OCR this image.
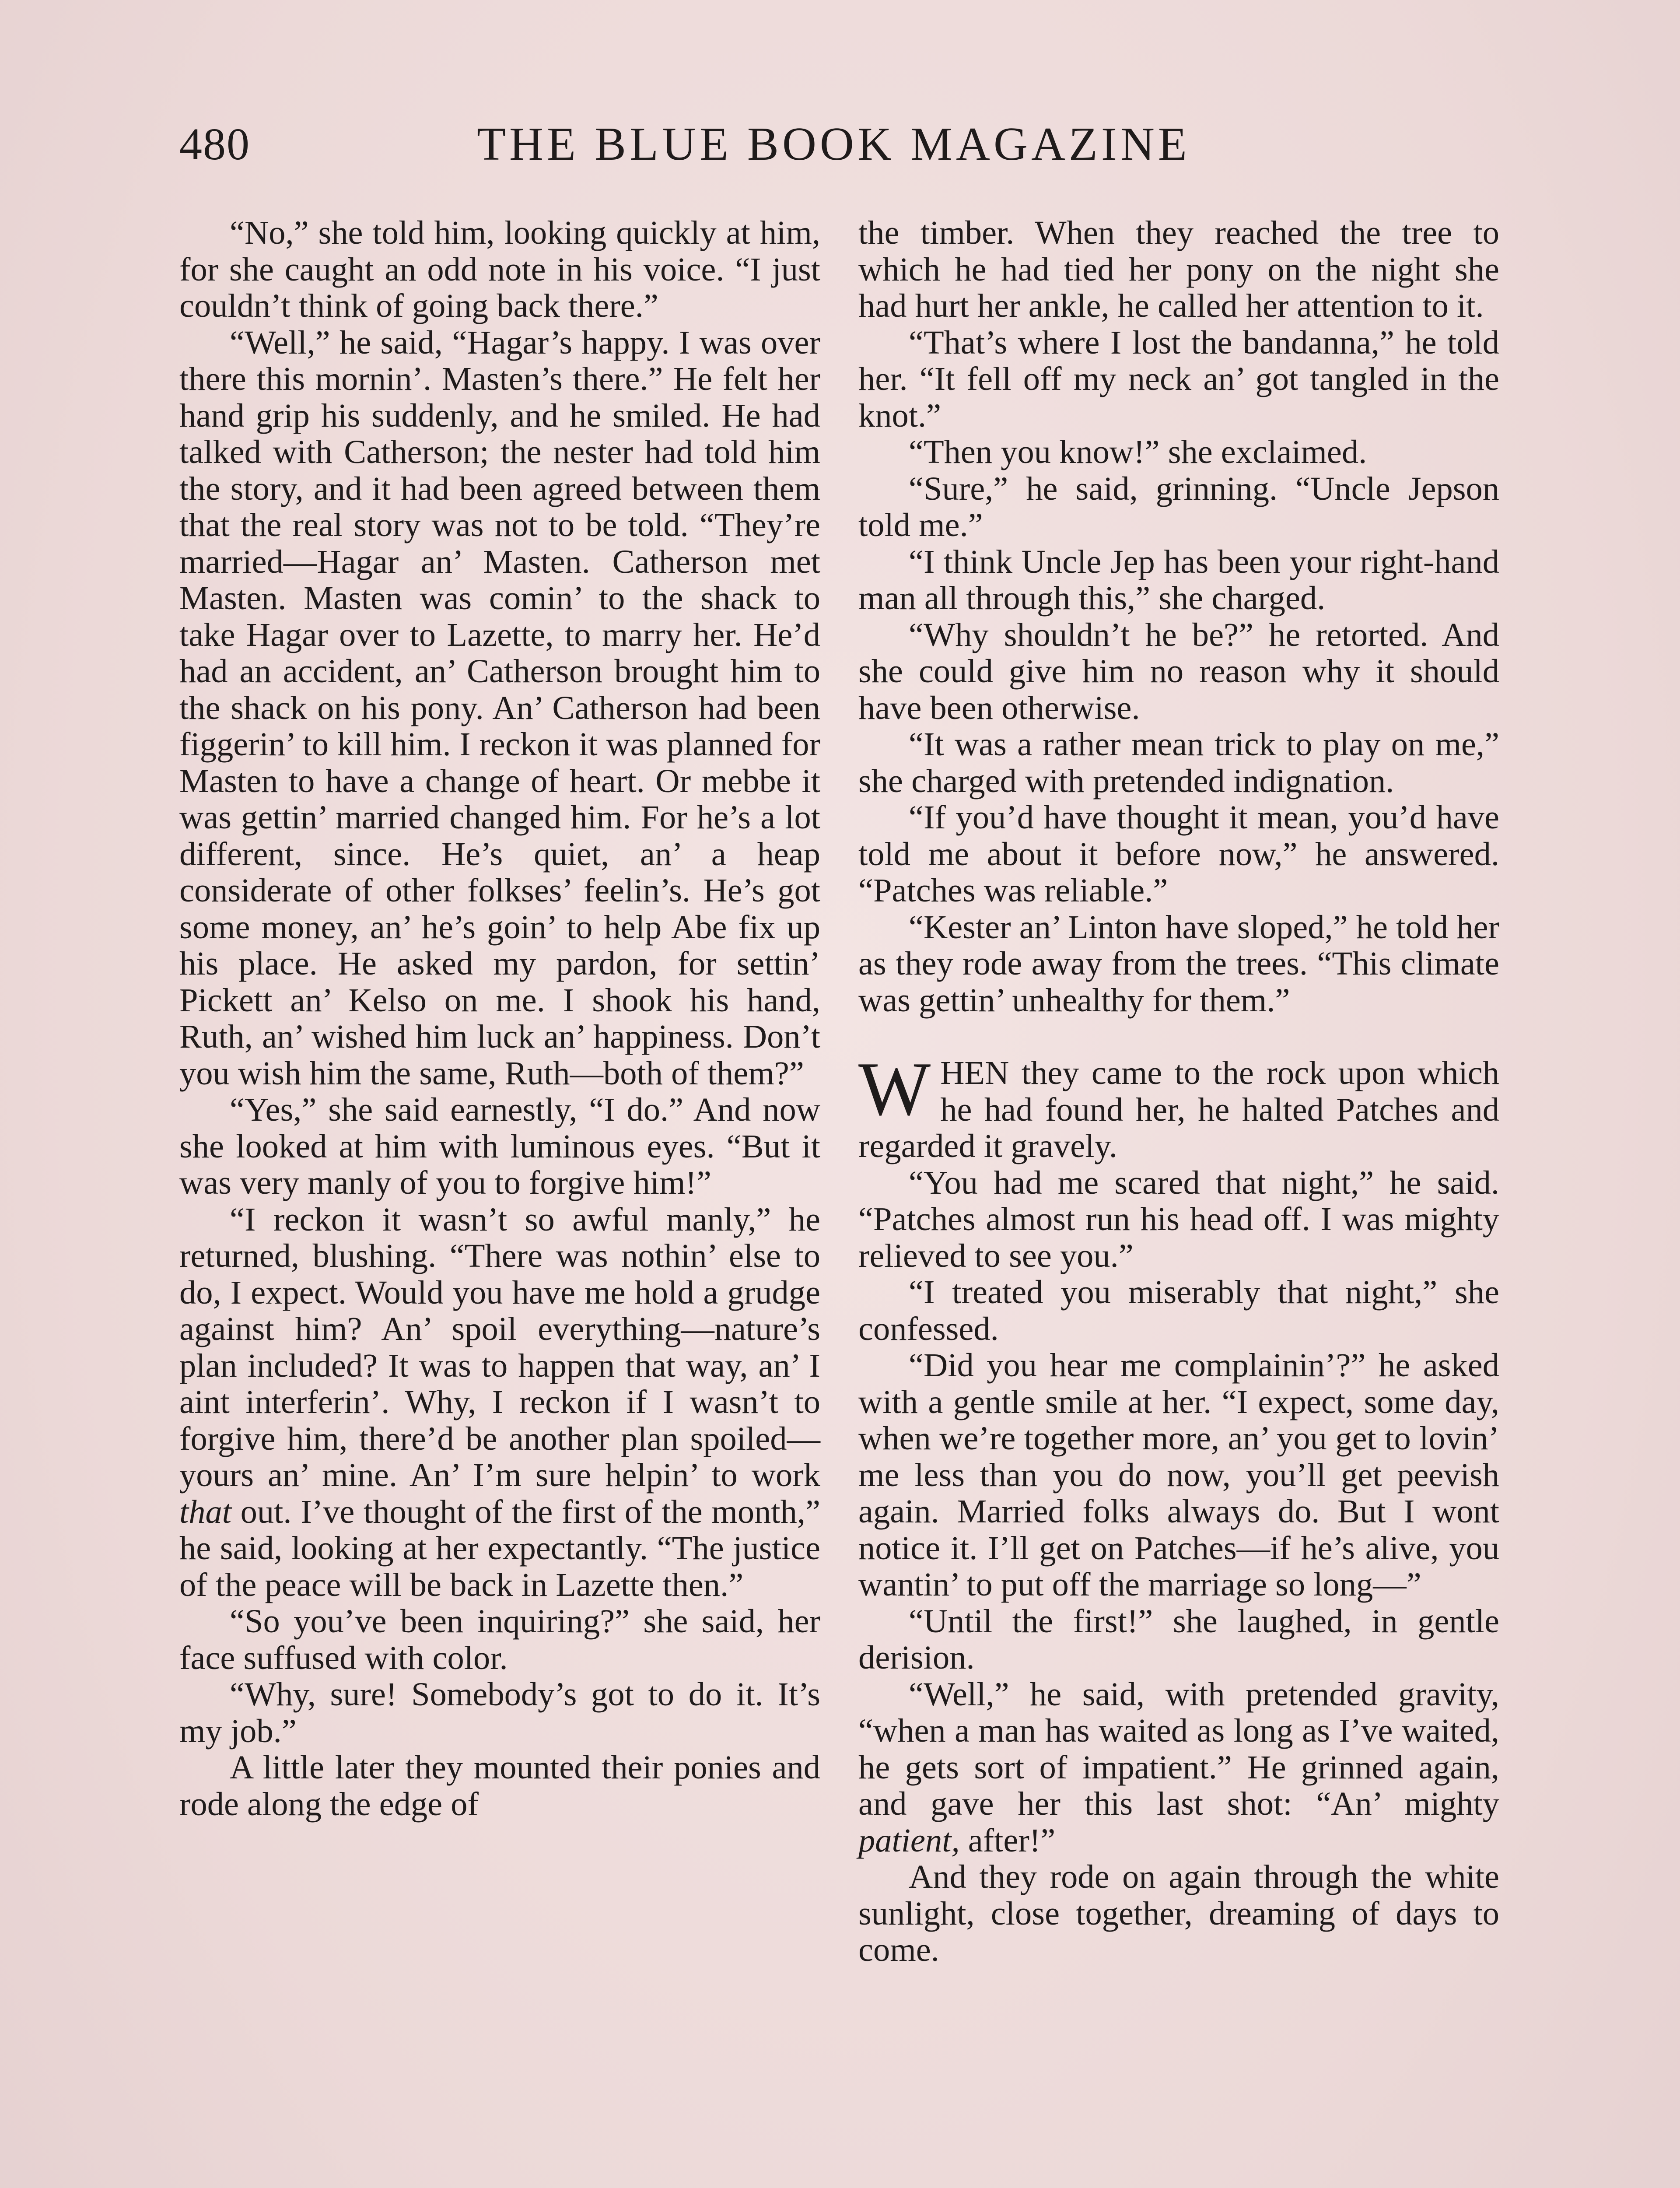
480	THE BLUE BOOK MAGAZINE

“No,” she told him, looking quickly at him, for she caught an odd note in his voice. “I just couldn’t think of going back there.”

“Well,” he said, “Hagar’s happy. I was over there this mornin’. Masten’s there.” He felt her hand grip his suddenly, and he smiled. He had talked with Catherson; the nester had told him the story, and it had been agreed between them that the real story was not to be told. “They’re married—Hagar an’ Masten. Catherson met Masten. Masten was comin’ to the shack to take Hagar over to Lazette, to marry her. He’d had an accident, an’ Catherson brought him to the shack on his pony. An’ Catherson had been figgerin’ to kill him. I reckon it was planned for Masten to have a change of heart. Or mebbe it was gettin’ married changed him. For he’s a lot different, since. He’s quiet, an’ a heap considerate of other folkses’ feelin’s. He’s got some money, an’ he’s goin’ to help Abe fix up his place. He asked my pardon, for settin’ Pickett an’ Kelso on me. I shook his hand, Ruth, an’ wished him luck an’ happiness. Don’t you wish him the same, Ruth—both of them?”

“Yes,” she said earnestly, “I do.” And now she looked at him with luminous eyes. “But it was very manly of you to forgive him!”

“I reckon it wasn’t so awful manly,” he returned, blushing. “There was nothin’ else to do, I expect. Would you have me hold a grudge against him? An’ spoil everything—nature’s plan included? It was to happen that way, an’ I aint interferin’. Why, I reckon if I wasn’t to forgive him, there’d be another plan spoiled—yours an’ mine. An’ I’m sure helpin’ to work that out. I’ve thought of the first of the month,” he said, looking at her expectantly. “The justice of the peace will be back in Lazette then.”

“So you’ve been inquiring?” she said, her face suffused with color.

“Why, sure! Somebody’s got to do it. It’s my job.”

A little later they mounted their ponies and rode along the edge of

the timber. When they reached the tree to which he had tied her pony on the night she had hurt her ankle, he called her attention to it.

“That’s where I lost the bandanna,” he told her. “It fell off my neck an’ got tangled in the knot.”

“Then you know!” she exclaimed.

“Sure,” he said, grinning. “Uncle Jepson told me.”

“I think Uncle Jep has been your right-hand man all through this,” she charged.

“Why shouldn’t he be?” he retorted. And she could give him no reason why it should have been otherwise.

“It was a rather mean trick to play on me,” she charged with pretended indignation.

“If you’d have thought it mean, you’d have told me about it before now,” he answered. “Patches was reliable.”

“Kester an’ Linton have sloped,” he told her as they rode away from the trees. “This climate was gettin’ unhealthy for them.”

WHEN they came to the rock upon which he had found her, he halted Patches and regarded it gravely.

“You had me scared that night,” he said. “Patches almost run his head off. I was mighty relieved to see you.”

“I treated you miserably that night,” she confessed.

“Did you hear me complainin’?” he asked with a gentle smile at her. “I expect, some day, when we’re together more, an’ you get to lovin’ me less than you do now, you’ll get peevish again. Married folks always do. But I wont notice it. I’ll get on Patches—if he’s alive, you wantin’ to put off the marriage so long—”

“Until the first!” she laughed, in gentle derision.

“Well,” he said, with pretended gravity, “when a man has waited as long as I’ve waited, he gets sort of impatient.” He grinned again, and gave her this last shot: “An’ mighty patient, after!”

And they rode on again through the white sunlight, close together, dreaming of days to come.
